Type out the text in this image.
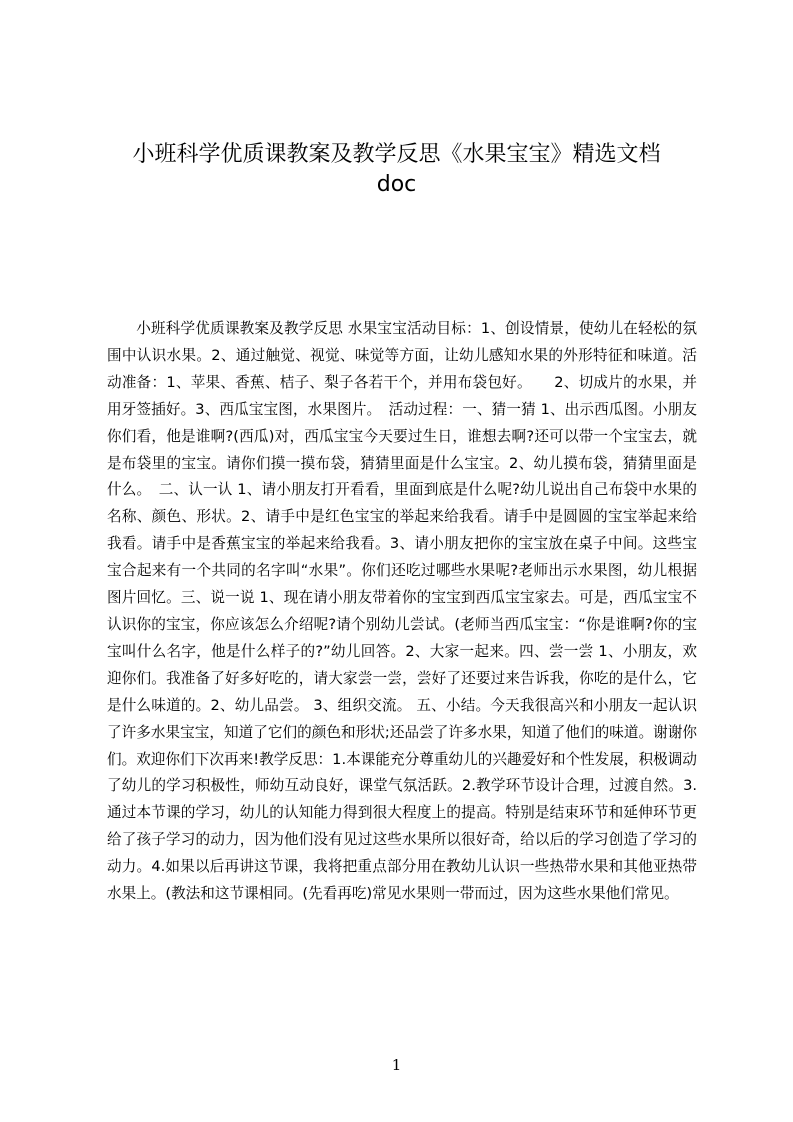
小班科学优质课教案及教学反思《水果宝宝》精选文档
doc

小班科学优质课教案及教学反思 水果宝宝活动目标：1、创设情景，使幼儿在轻松的氛围中认识水果。2、通过触觉、视觉、味觉等方面，让幼儿感知水果的外形特征和味道。活动准备：1、苹果、香蕉、桔子、梨子各若干个，并用布袋包好。　　2、切成片的水果，并用牙签插好。3、西瓜宝宝图，水果图片。　活动过程：一、猜一猜 1、出示西瓜图。小朋友你们看，他是谁啊?(西瓜)对，西瓜宝宝今天要过生日，谁想去啊?还可以带一个宝宝去，就是布袋里的宝宝。请你们摸一摸布袋，猜猜里面是什么宝宝。2、幼儿摸布袋，猜猜里面是什么。　二、认一认 1、请小朋友打开看看，里面到底是什么呢?幼儿说出自己布袋中水果的名称、颜色、形状。2、请手中是红色宝宝的举起来给我看。请手中是圆圆的宝宝举起来给我看。请手中是香蕉宝宝的举起来给我看。3、请小朋友把你的宝宝放在桌子中间。这些宝宝合起来有一个共同的名字叫“水果”。你们还吃过哪些水果呢?老师出示水果图，幼儿根据图片回忆。三、说一说 1、现在请小朋友带着你的宝宝到西瓜宝宝家去。可是，西瓜宝宝不认识你的宝宝，你应该怎么介绍呢?请个别幼儿尝试。(老师当西瓜宝宝：“你是谁啊?你的宝宝叫什么名字，他是什么样子的?”幼儿回答。2、大家一起来。四、尝一尝 1、小朋友，欢迎你们。我准备了好多好吃的，请大家尝一尝，尝好了还要过来告诉我，你吃的是什么，它是什么味道的。2、幼儿品尝。 3、组织交流。 五、小结。今天我很高兴和小朋友一起认识了许多水果宝宝，知道了它们的颜色和形状;还品尝了许多水果，知道了他们的味道。谢谢你们。欢迎你们下次再来!教学反思：1.本课能充分尊重幼儿的兴趣爱好和个性发展，积极调动了幼儿的学习积极性，师幼互动良好，课堂气氛活跃。2.教学环节设计合理，过渡自然。3.通过本节课的学习，幼儿的认知能力得到很大程度上的提高。特别是结束环节和延伸环节更给了孩子学习的动力，因为他们没有见过这些水果所以很好奇，给以后的学习创造了学习的动力。4.如果以后再讲这节课，我将把重点部分用在教幼儿认识一些热带水果和其他亚热带水果上。(教法和这节课相同。(先看再吃)常见水果则一带而过，因为这些水果他们常见。

1
